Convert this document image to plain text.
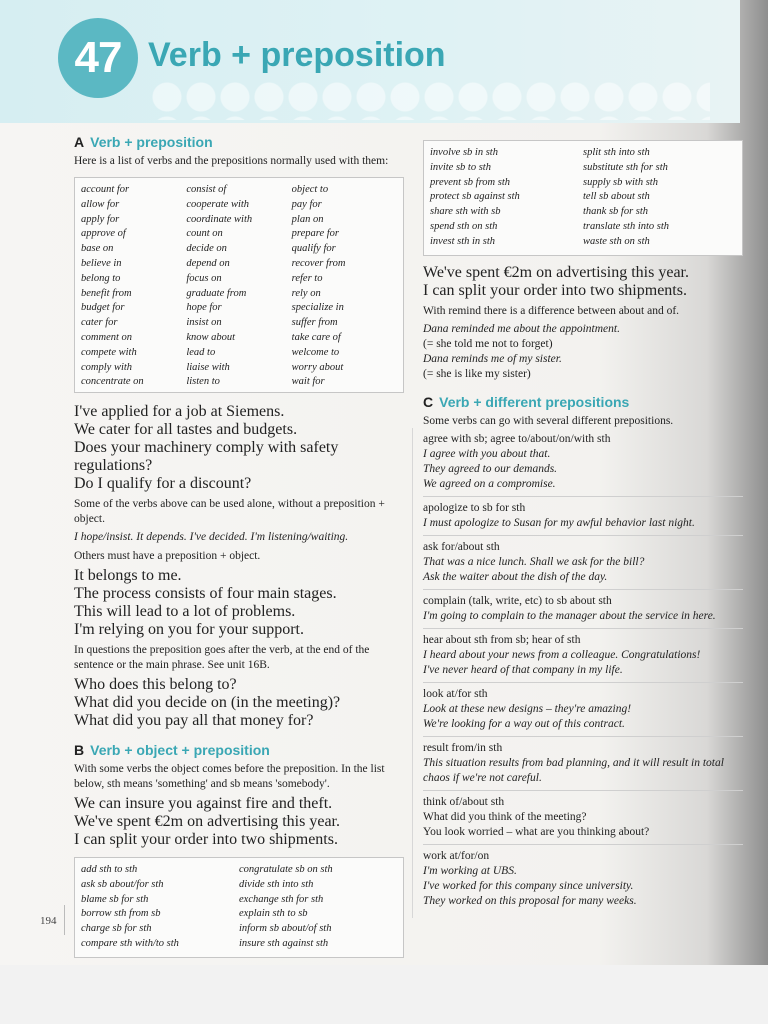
47 Verb + preposition
A Verb + preposition

Here is a list of verbs and the prepositions normally used with them:

account for
allow for
apply for
approve of
base on
believe in
belong to
benefit from
budget for
cater for
comment on
compete with
comply with
concentrate on
consist of
cooperate with
coordinate with
count on
decide on
depend on
focus on
graduate from
hope for
insist on
know about
lead to
liaise with
listen to
object to
pay for
plan on
prepare for
qualify for
recover from
refer to
rely on
specialize in
suffer from
take care of
welcome to
worry about
wait for
I've applied for a job at Siemens.
We cater for all tastes and budgets.
Does your machinery comply with safety regulations?
Do I qualify for a discount?

Some of the verbs above can be used alone, without a preposition + object.

I hope/insist. It depends. I've decided. I'm listening/waiting.

Others must have a preposition + object.

It belongs to me.
The process consists of four main stages.
This will lead to a lot of problems.
I'm relying on you for your support.

In questions the preposition goes after the verb, at the end of the sentence or the main phrase. See unit 16B.

Who does this belong to?
What did you decide on (in the meeting)?
What did you pay all that money for?
B Verb + object + preposition

With some verbs the object comes before the preposition. In the list below, sth means 'something' and sb means 'somebody'.

We can insure you against fire and theft.
We've spent €2m on advertising this year.
I can split your order into two shipments.
add sth to sth
ask sb about/for sth
blame sb for sth
borrow sth from sb
charge sb for sth
compare sth with/to sth
congratulate sb on sth
divide sth into sth
exchange sth for sth
explain sth to sb
inform sb about/of sth
insure sth against sth
involve sb in sth
invite sb to sth
prevent sb from sth
protect sb against sth
share sth with sb
spend sth on sth
invest sth in sth
split sth into sth
substitute sth for sth
supply sb with sth
tell sb about sth
thank sb for sth
translate sth into sth
waste sth on sth
We've spent €2m on advertising this year.
I can split your order into two shipments.

With remind there is a difference between about and of.

Dana reminded me about the appointment.

(= she told me not to forget)

Dana reminds me of my sister.

(= she is like my sister)

C Verb + different prepositions

Some verbs can go with several different prepositions.

agree with sb; agree to/about/on/with sth
I agree with you about that.
They agreed to our demands.
We agreed on a compromise.
apologize to sb for sth
I must apologize to Susan for my awful behavior last night.
ask for/about sth
That was a nice lunch. Shall we ask for the bill?
Ask the waiter about the dish of the day.
complain (talk, write, etc) to sb about sth
I'm going to complain to the manager about the service in here.
hear about sth from sb; hear of sth
I heard about your news from a colleague. Congratulations!
I've never heard of that company in my life.
look at/for sth
Look at these new designs – they're amazing!
We're looking for a way out of this contract.
result from/in sth
This situation results from bad planning, and it will result in total chaos if we're not careful.
think of/about sth
What did you think of the meeting?
You look worried – what are you thinking about?
work at/for/on
I'm working at UBS.
I've worked for this company since university.
They worked on this proposal for many weeks.
194
